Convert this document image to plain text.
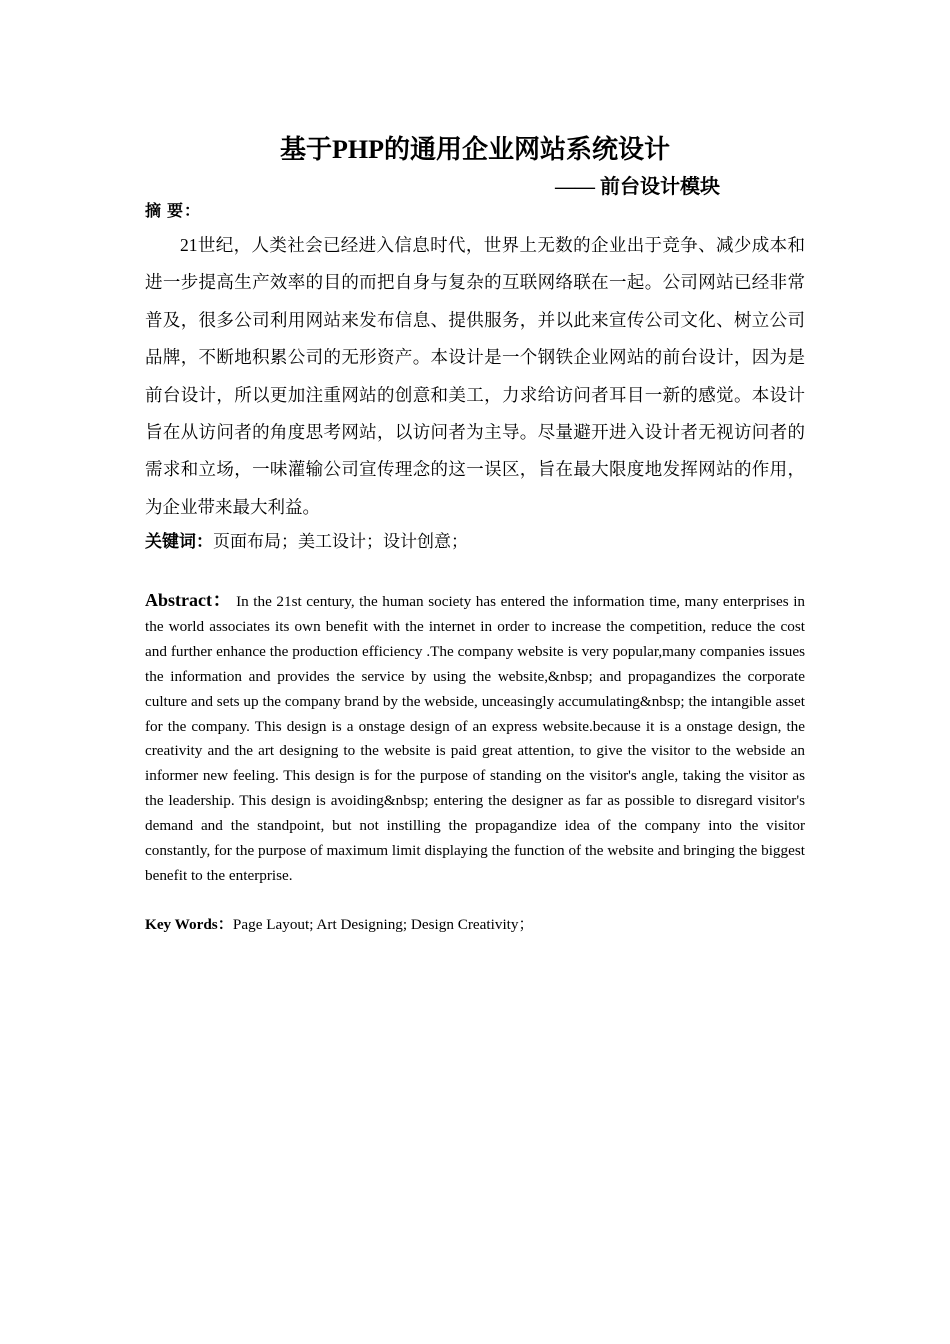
基于PHP的通用企业网站系统设计
—— 前台设计模块
摘 要：

21世纪，人类社会已经进入信息时代，世界上无数的企业出于竞争、减少成本和进一步提高生产效率的目的而把自身与复杂的互联网络联在一起。公司网站已经非常普及，很多公司利用网站来发布信息、提供服务，并以此来宣传公司文化、树立公司品牌，不断地积累公司的无形资产。本设计是一个钢铁企业网站的前台设计，因为是前台设计，所以更加注重网站的创意和美工，力求给访问者耳目一新的感觉。本设计旨在从访问者的角度思考网站，以访问者为主导。尽量避开进入设计者无视访问者的需求和立场，一味灌输公司宣传理念的这一误区，旨在最大限度地发挥网站的作用，为企业带来最大利益。

关键词：页面布局；美工设计；设计创意；

Abstract： In the 21st century, the human society has entered the information time, many enterprises in the world associates its own benefit with the internet in order to increase the competition, reduce the cost and further enhance the production efficiency .The company website is very popular,many companies issues the information and provides the service by using the website,&nbsp; and propagandizes the corporate culture and sets up the company brand by the webside, unceasingly accumulating&nbsp; the intangible asset for the company. This design is a onstage design of an express website.because it is a onstage design, the creativity and the art designing to the website is paid great attention, to give the visitor to the webside an informer new feeling. This design is for the purpose of standing on the visitor's angle, taking the visitor as the leadership. This design is avoiding&nbsp; entering the designer as far as possible to disregard visitor's demand and the standpoint, but not instilling the propagandize idea of the company into the visitor constantly, for the purpose of maximum limit displaying the function of the website and bringing the biggest benefit to the enterprise.

Key Words：Page Layout; Art Designing; Design Creativity；
